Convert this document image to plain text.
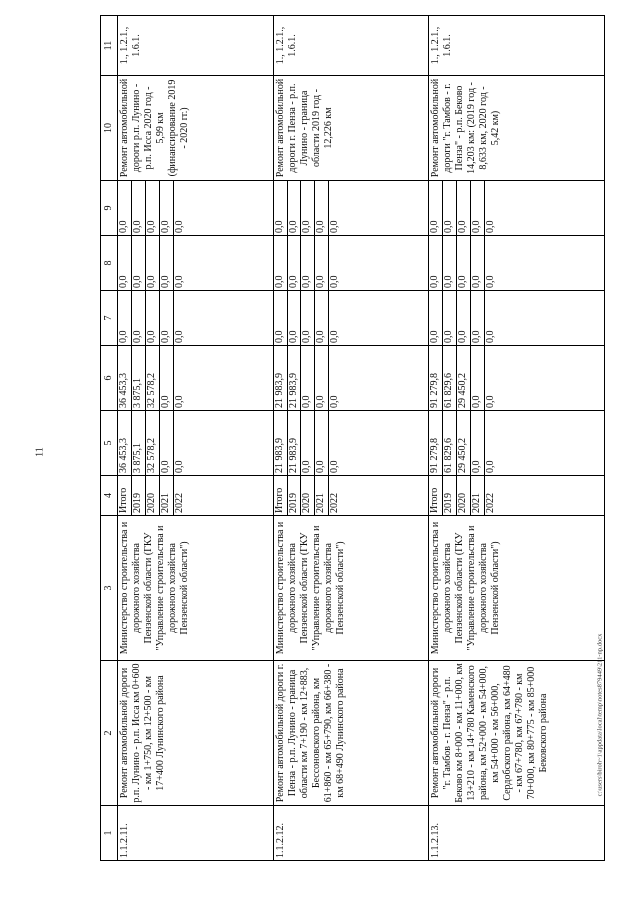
11
1	2	3	4	5	6	7	8	9	10	11
1.1.2.11.	Ремонт автомобильной дороги р.п. Лунино - р.п. Исса км 0+600 - км 1+750, км 12+500 - км 17+400 Лунинского района	Министерство строительства и дорожного хозяйства Пензенской области (ГКУ "Управление строительства и дорожного хозяйства Пензенской области")	Итого	36 453,3	36 453,3	0,0	0,0	0,0	Ремонт автомобильной дороги р.п. Лунино - р.п. Исса 2020 год - 5,99 км (финансирование 2019 - 2020 гг.)	1., 1.2.1., 1.6.1.
			2019	3 875,1	3 875,1	0,0	0,0	0,0		
			2020	32 578,2	32 578,2	0,0	0,0	0,0		
			2021	0,0	0,0	0,0	0,0	0,0		
			2022	0,0	0,0	0,0	0,0	0,0		
1.1.2.12.	Ремонт автомобильной дороги г. Пенза - р.п. Лунино - граница области км 7+190 - км 12+883, Бессоновского района, км 61+860 - км 65+790, км 66+380 - км 68+490 Лунинского района	Министерство строительства и дорожного хозяйства Пензенской области (ГКУ "Управление строительства и дорожного хозяйства Пензенской области")	Итого	21 983,9	21 983,9	0,0	0,0	0,0	Ремонт автомобильной дороги г. Пенза - р.п. Лунино - граница области 2019 год - 12,226 км	1., 1.2.1., 1.6.1.
			2019	21 983,9	21 983,9	0,0	0,0	0,0		
			2020	0,0	0,0	0,0	0,0	0,0		
			2021	0,0	0,0	0,0	0,0	0,0		
			2022	0,0	0,0	0,0	0,0	0,0		
1.1.2.13.	Ремонт автомобильной дороги "г. Тамбов - г. Пенза" - р.п. Беково км 8+000 - км 11+000, км 13+210 - км 14+780 Каменского района, км 52+000 - км 54+000, км 54+000 - км 56+000, Сердобского района, км 64+480 - км 67+780, км 67+780 - км 70+000, км 80+775 - км 85+000 Бековского района	Министерство строительства и дорожного хозяйства Пензенской области (ГКУ "Управление строительства и дорожного хозяйства Пензенской области")	Итого	91 279,8	91 279,8	0,0	0,0	0,0	Ремонт автомобильной дороги "г. Тамбов - г. Пенза" - р.п. Беково 14,203 км: (2019 год - 8,633 км, 2020 год - 5,42 км)	1., 1.2.1., 1.6.1.
			2019	61 829,6	61 829,6	0,0	0,0	0,0		
			2020	29 450,2	29 450,2	0,0	0,0	0,0		
			2021	0,0	0,0	0,0	0,0	0,0		
			2022	0,0	0,0	0,0	0,0	0,0		
c:\users\biroh~1\appdata\local\temp\notes879449\211-np.docx
